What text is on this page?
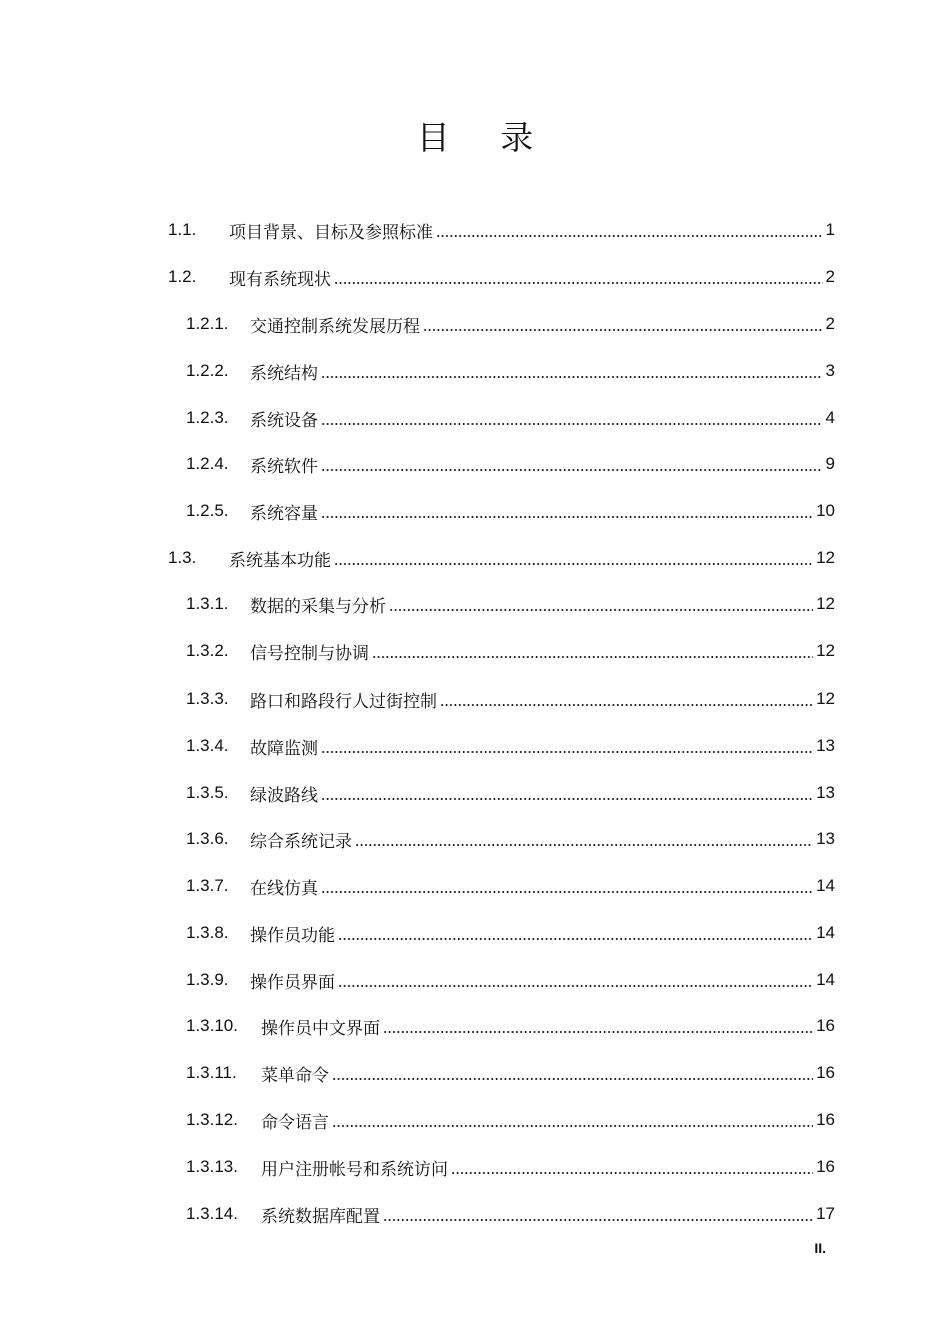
目 录
1.1.	项目背景、目标及参照标准	1
1.2.	现有系统现状	2
1.2.1.	交通控制系统发展历程	2
1.2.2.	系统结构	3
1.2.3.	系统设备	4
1.2.4.	系统软件	9
1.2.5.	系统容量	10
1.3.	系统基本功能	12
1.3.1.	数据的采集与分析	12
1.3.2.	信号控制与协调	12
1.3.3.	路口和路段行人过街控制	12
1.3.4.	故障监测	13
1.3.5.	绿波路线	13
1.3.6.	综合系统记录	13
1.3.7.	在线仿真	14
1.3.8.	操作员功能	14
1.3.9.	操作员界面	14
1.3.10.	操作员中文界面	16
1.3.11.	菜单命令	16
1.3.12.	命令语言	16
1.3.13.	用户注册帐号和系统访问	16
1.3.14.	系统数据库配置	17
II.
